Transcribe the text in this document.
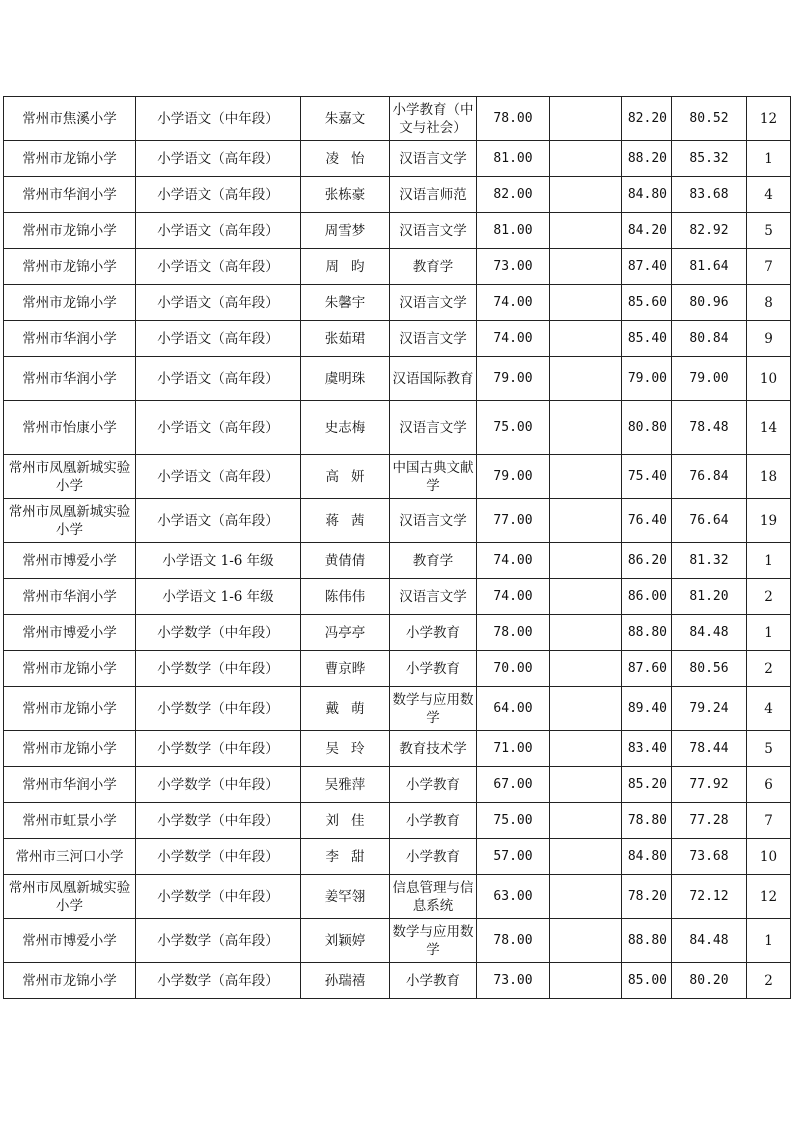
常州市焦溪小学	小学语文（中年段）	朱嘉文	小学教育（中文与社会）	78.00		82.20	80.52	12
常州市龙锦小学	小学语文（高年段）	凌怡	汉语言文学	81.00		88.20	85.32	1
常州市华润小学	小学语文（高年段）	张栋豪	汉语言师范	82.00		84.80	83.68	4
常州市龙锦小学	小学语文（高年段）	周雪梦	汉语言文学	81.00		84.20	82.92	5
常州市龙锦小学	小学语文（高年段）	周昀	教育学	73.00		87.40	81.64	7
常州市龙锦小学	小学语文（高年段）	朱馨宇	汉语言文学	74.00		85.60	80.96	8
常州市华润小学	小学语文（高年段）	张茹珺	汉语言文学	74.00		85.40	80.84	9
常州市华润小学	小学语文（高年段）	虞明珠	汉语国际教育	79.00		79.00	79.00	10
常州市怡康小学	小学语文（高年段）	史志梅	汉语言文学	75.00		80.80	78.48	14
常州市凤凰新城实验小学	小学语文（高年段）	高妍	中国古典文献学	79.00		75.40	76.84	18
常州市凤凰新城实验小学	小学语文（高年段）	蒋茜	汉语言文学	77.00		76.40	76.64	19
常州市博爱小学	小学语文 1-6 年级	黄倩倩	教育学	74.00		86.20	81.32	1
常州市华润小学	小学语文 1-6 年级	陈伟伟	汉语言文学	74.00		86.00	81.20	2
常州市博爱小学	小学数学（中年段）	冯亭亭	小学教育	78.00		88.80	84.48	1
常州市龙锦小学	小学数学（中年段）	曹京晔	小学教育	70.00		87.60	80.56	2
常州市龙锦小学	小学数学（中年段）	戴萌	数学与应用数学	64.00		89.40	79.24	4
常州市龙锦小学	小学数学（中年段）	吴玲	教育技术学	71.00		83.40	78.44	5
常州市华润小学	小学数学（中年段）	吴雅萍	小学教育	67.00		85.20	77.92	6
常州市虹景小学	小学数学（中年段）	刘佳	小学教育	75.00		78.80	77.28	7
常州市三河口小学	小学数学（中年段）	李甜	小学教育	57.00		84.80	73.68	10
常州市凤凰新城实验小学	小学数学（中年段）	姜罕翎	信息管理与信息系统	63.00		78.20	72.12	12
常州市博爱小学	小学数学（高年段）	刘颖婷	数学与应用数学	78.00		88.80	84.48	1
常州市龙锦小学	小学数学（高年段）	孙瑞禧	小学教育	73.00		85.00	80.20	2
